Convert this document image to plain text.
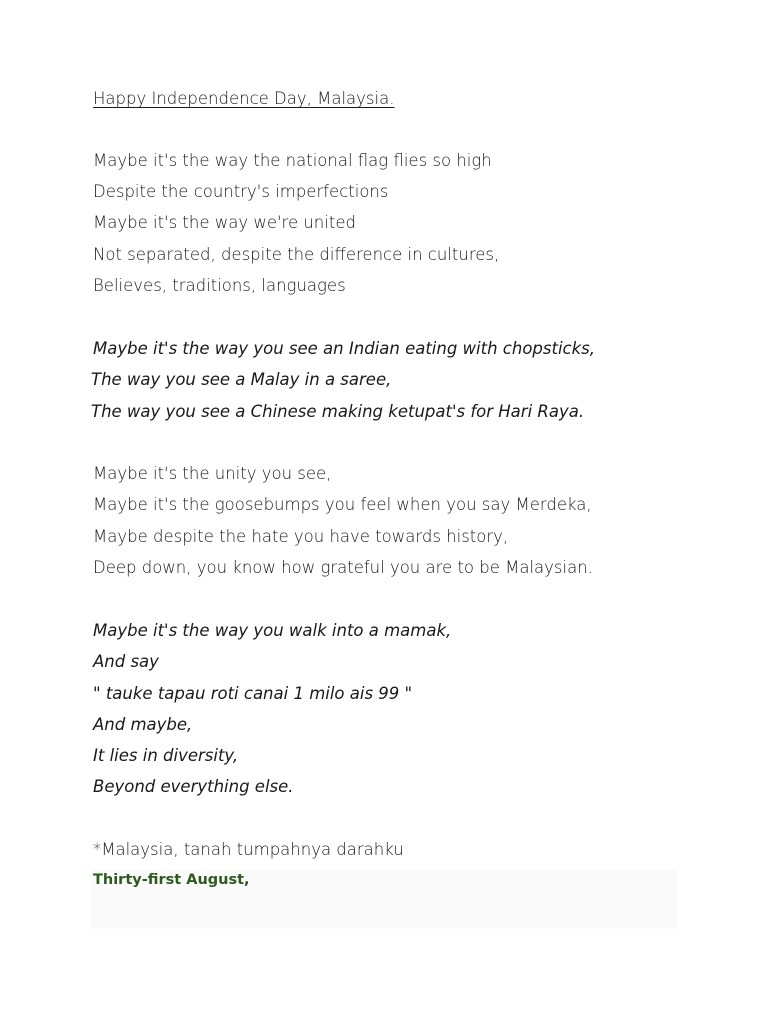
Happy Independence Day, Malaysia.
Maybe it's the way the national flag flies so high
Despite the country's imperfections
Maybe it's the way we're united
Not separated, despite the difference in cultures,
Believes, traditions, languages
Maybe it's the way you see an Indian eating with chopsticks,
The way you see a Malay in a saree,
The way you see a Chinese making ketupat's for Hari Raya.
Maybe it's the unity you see,
Maybe it's the goosebumps you feel when you say Merdeka,
Maybe despite the hate you have towards history,
Deep down, you know how grateful you are to be Malaysian.
Maybe it's the way you walk into a mamak,
And say
" tauke tapau roti canai 1 milo ais 99 "
And maybe,
It lies in diversity,
Beyond everything else.
*Malaysia, tanah tumpahnya darahku
Thirty-first August,
